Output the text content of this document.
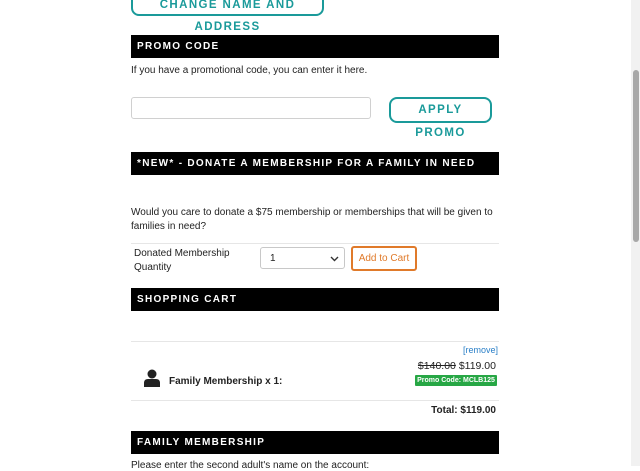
CHANGE NAME AND ADDRESS
PROMO CODE
If you have a promotional code, you can enter it here.
APPLY PROMO
*NEW* - DONATE A MEMBERSHIP FOR A FAMILY IN NEED
Would you care to donate a $75 membership or memberships that will be given to families in need?
Donated Membership Quantity
1	Add to Cart
SHOPPING CART
[remove]
$140.00 $119.00
Family Membership x 1:	Promo Code: MCLB125
Total: $119.00
FAMILY MEMBERSHIP
Please enter the second adult's name on the account:
